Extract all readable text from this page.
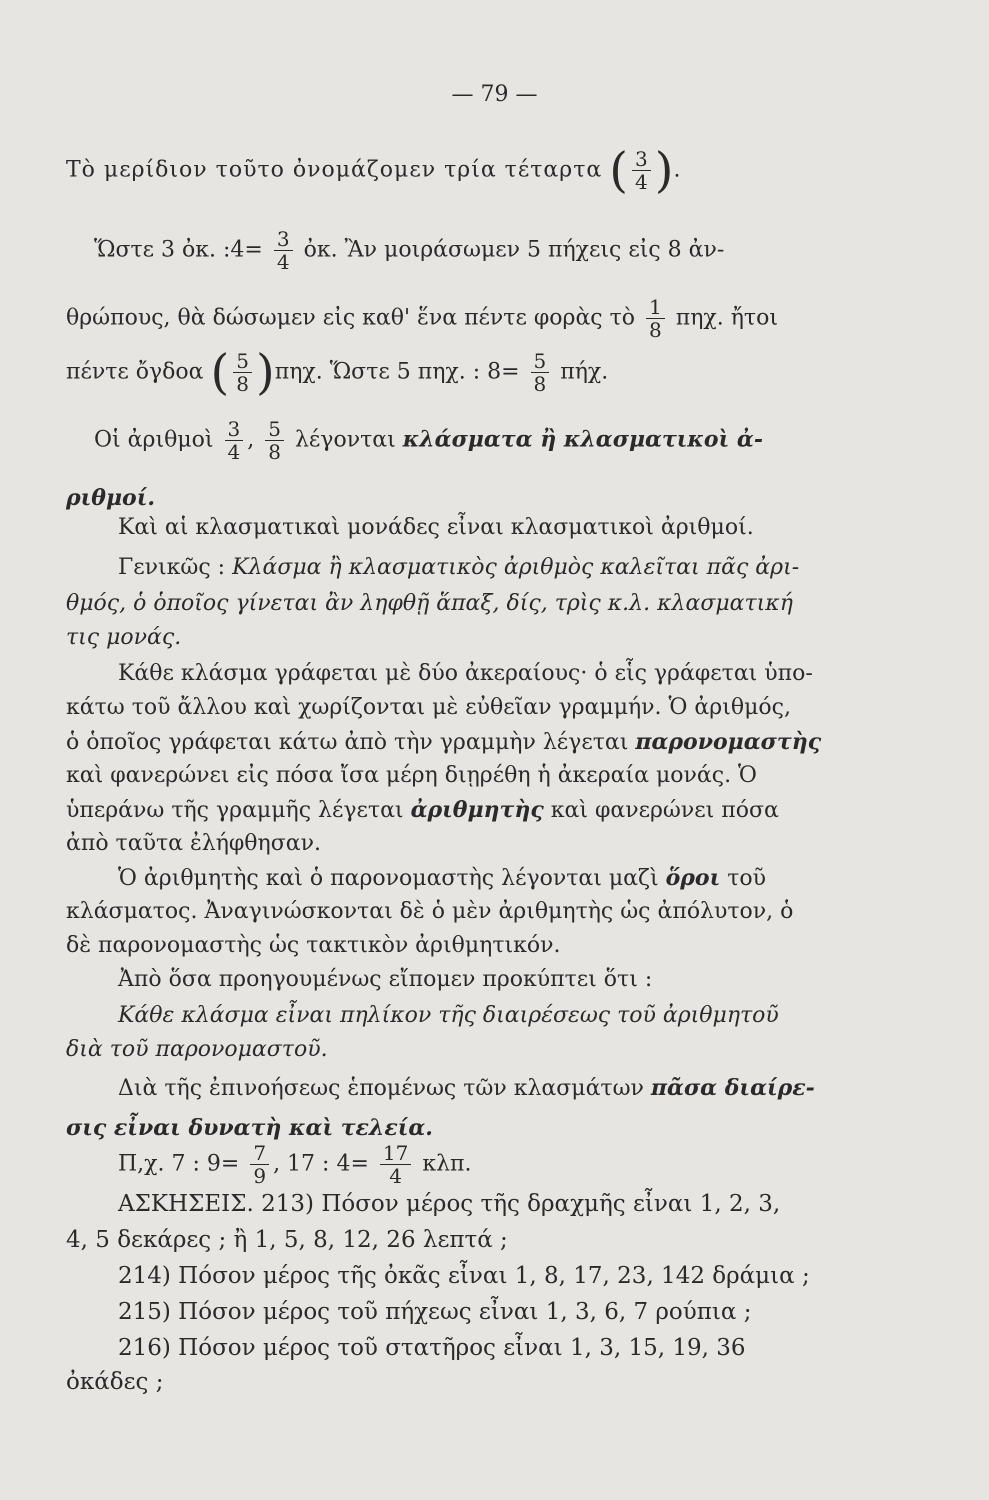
— 79 —
Τὸ μερίδιον τοῦτο ὀνομάζομεν τρία τέταρτα ( $\frac{3}{4}$ ).
Ὥστε 3 ὀκ. :4= $\frac{3}{4}$ ὀκ. Ἂν μοιράσωμεν 5 πήχεις εἰς 8 ἀν-
θρώπους, θὰ δώσωμεν εἰς καθ' ἕνα πέντε φορὰς τὸ $\frac{1}{8} \pi\eta\chi$. ἤτοι
πέντε ὄγδοα ( $\frac{5}{8} )\pi\eta\chi$. Ὥστε 5 πηχ. : $8= \frac{5}{8} \pi ή\chi$.
Οἱ ἀριθμοὶ $\frac{3}{4}$ , $\frac{5}{8}$ λέγονται κλάσματα ἢ κλασματικοὶ ἀ-
ριθμοί.
Καὶ αἱ κλασματικαὶ μονάδες εἶναι κλασματικοὶ ἀριθμοί.
Γενικῶς : Κλάσμα ἢ κλασματικὸς ἀριθμὸς καλεῖται πᾶς ἀρι-
θμός, ὁ ὁποῖος γίνεται ἂν ληφθῇ ἅπαξ, δίς, τρὶς κ.λ. κλασματική
τις μονάς.
Κάθε κλάσμα γράφεται μὲ δύο ἀκεραίους· ὁ εἷς γράφεται ὑπο-
κάτω τοῦ ἄλλου καὶ χωρίζονται μὲ εὐθεῖαν γραμμήν. Ὁ ἀριθμός,
ὁ ὁποῖος γράφεται κάτω ἀπὸ τὴν γραμμὴν λέγεται παρονομαστὴς
καὶ φανερώνει εἰς πόσα ἴσα μέρη διῃρέθη ἡ ἀκεραία μονάς. Ὁ
ὑπεράνω τῆς γραμμῆς λέγεται ἀριθμητὴς καὶ φανερώνει πόσα
ἀπὸ ταῦτα ἐλήφθησαν.
Ὁ ἀριθμητὴς καὶ ὁ παρονομαστὴς λέγονται μαζὶ ὅροι τοῦ
κλάσματος. Ἀναγινώσκονται δὲ ὁ μὲν ἀριθμητὴς ὡς ἀπόλυτον, ὁ
δὲ παρονομαστὴς ὡς τακτικὸν ἀριθμητικόν.
Ἀπὸ ὅσα προηγουμένως εἴπομεν προκύπτει ὅτι :
Κάθε κλάσμα εἶναι πηλίκον τῆς διαιρέσεως τοῦ ἀριθμητοῦ
διὰ τοῦ παρονομαστοῦ.
Διὰ τῆς ἐπινοήσεως ἑπομένως τῶν κλασμάτων πᾶσα διαίρε-
σις εἶναι δυνατὴ καὶ τελεία.
Π,χ. 7 : $9= \frac{7}{9}$ , 17 : $4= \frac{17}{4} \kappa\lambda\pi$.
ΑΣΚΗΣΕΙΣ. 213) Πόσον μέρος τῆς δραχμῆς εἶναι 1, 2, 3,
4, 5 δεκάρες ; ἢ 1, 5, 8, 12, 26 λεπτά ;
214) Πόσον μέρος τῆς ὀκᾶς εἶναι 1, 8, 17, 23, 142 δράμια ;
215) Πόσον μέρος τοῦ πήχεως εἶναι 1, 3, 6, 7 ρούπια ;
216) Πόσον μέρος τοῦ στατῆρος εἶναι 1, 3, 15, 19, 36
ὀκάδες ;
